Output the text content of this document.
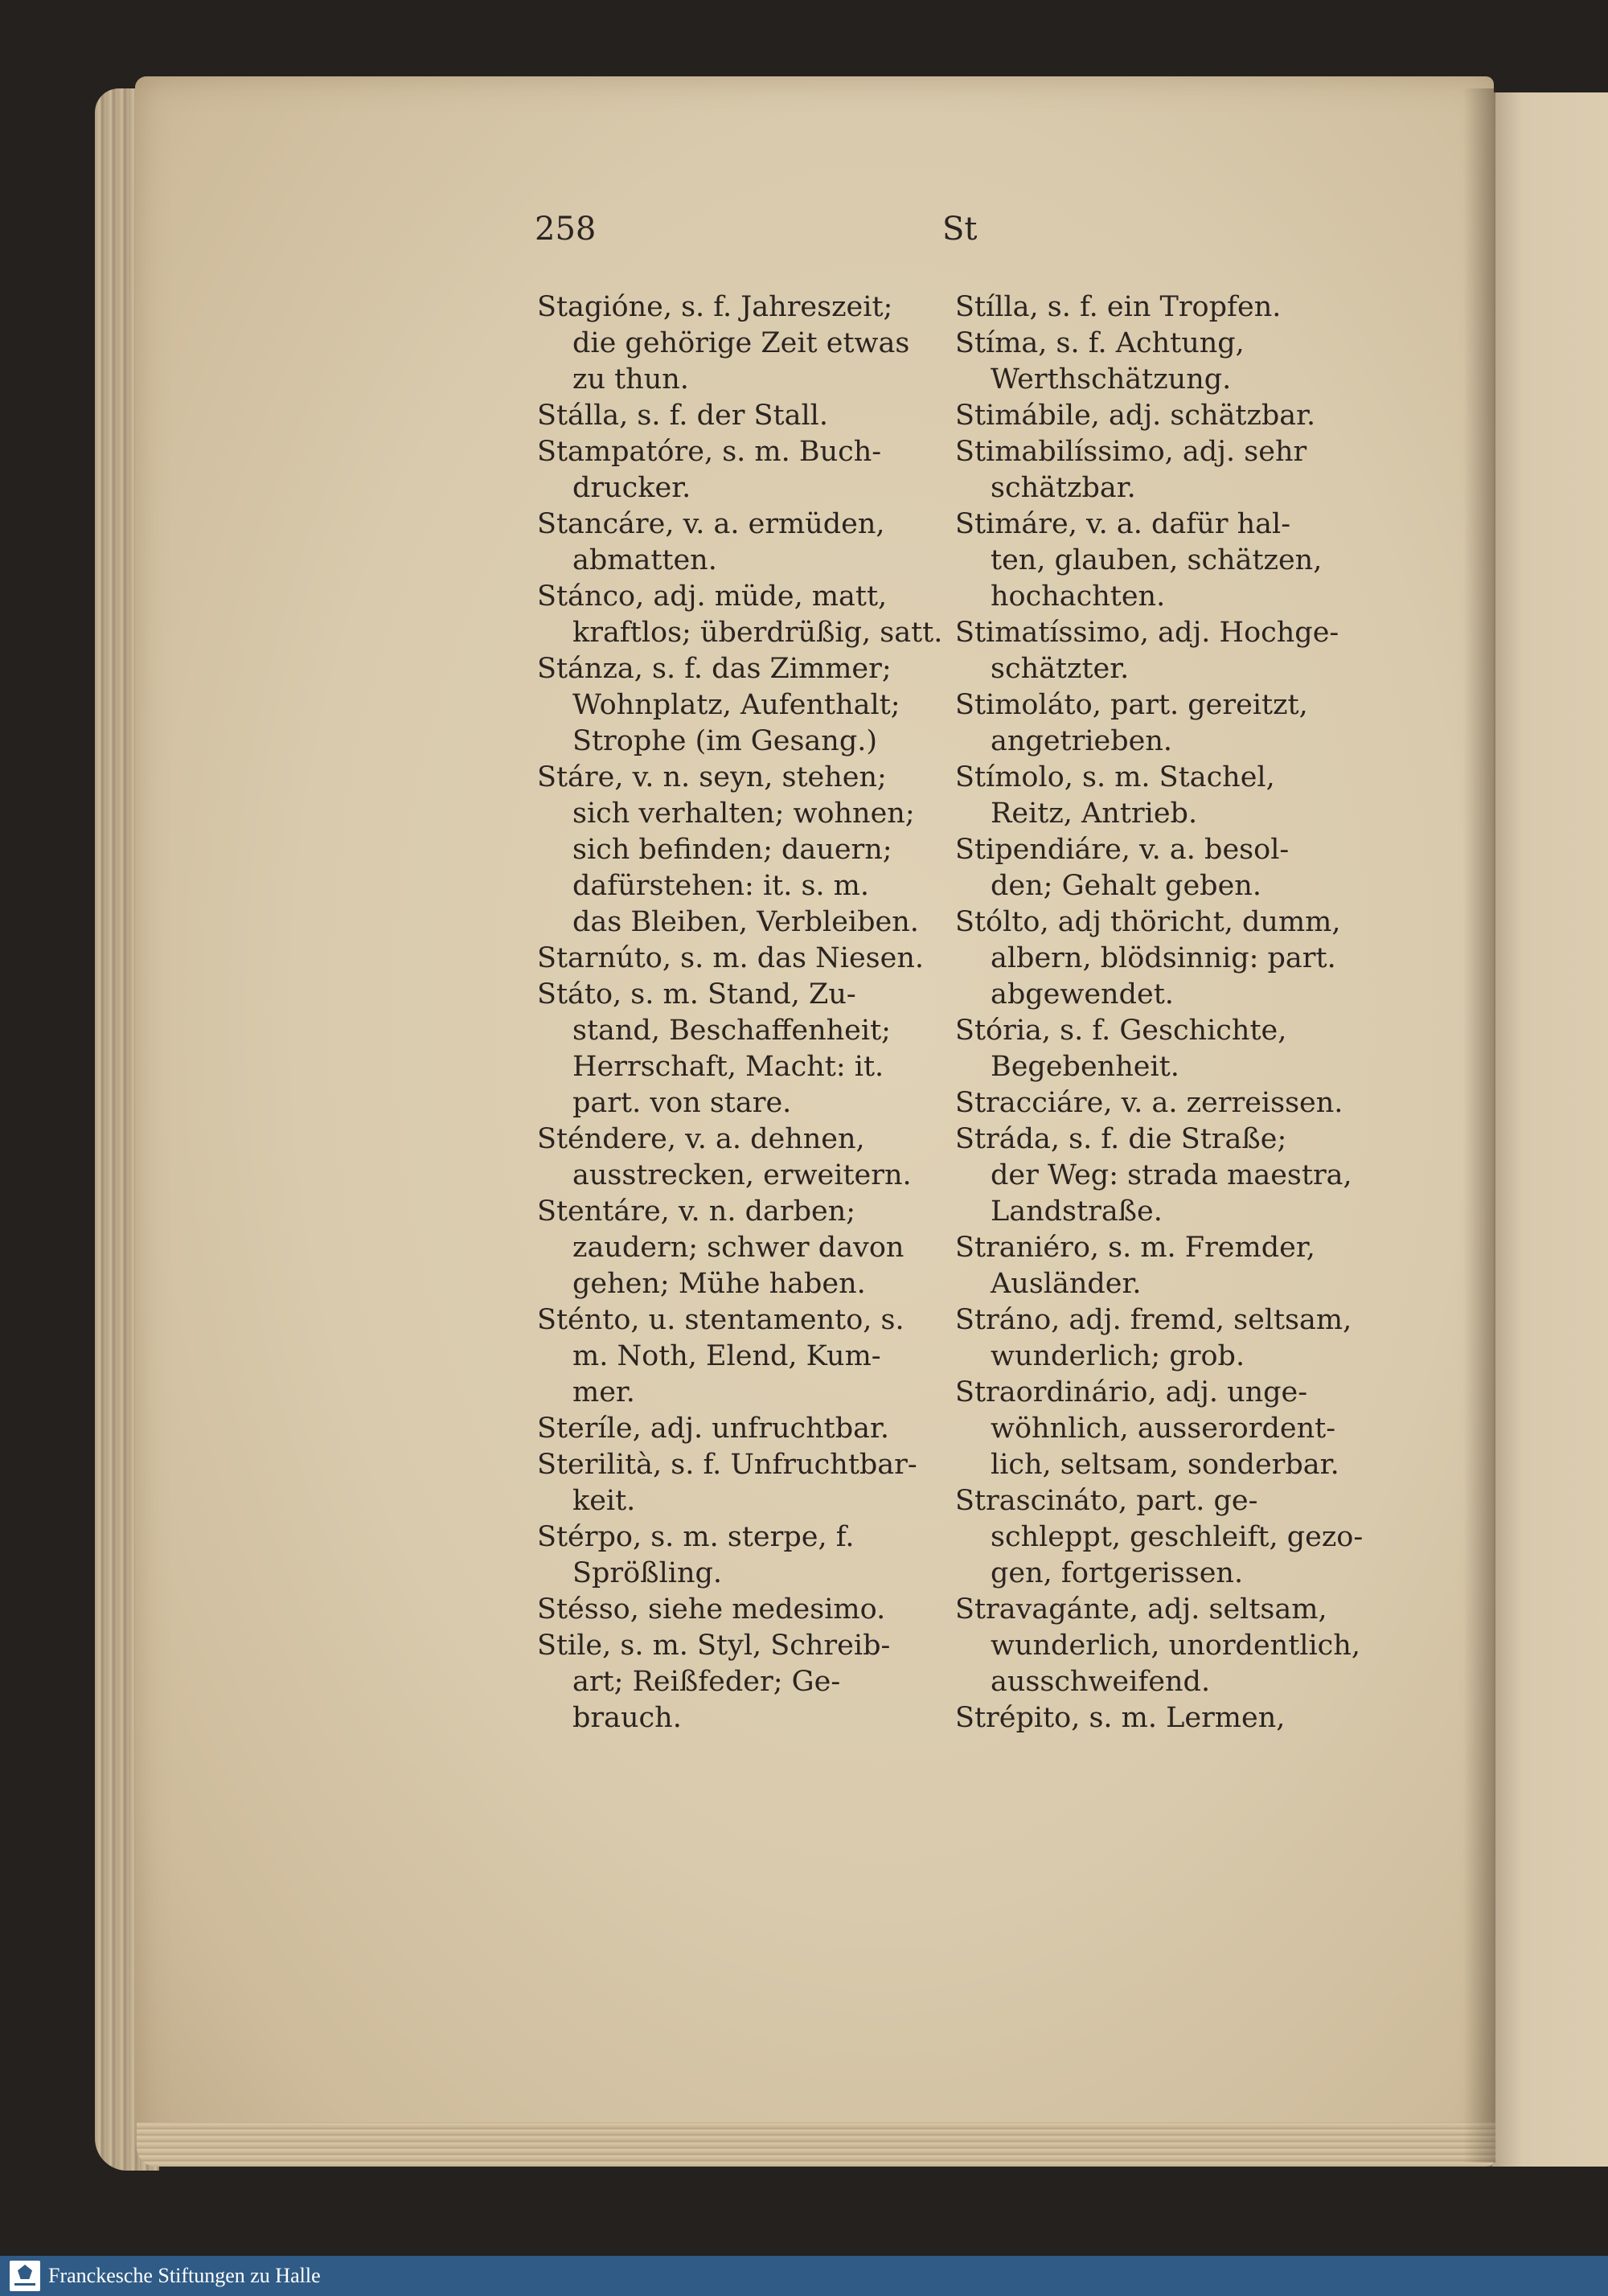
258	St
Stagióne, s. f. Jahreszeit;
die gehörige Zeit etwas
zu thun.
Stálla, s. f. der Stall.
Stampatóre, s. m. Buch-
drucker.
Stancáre, v. a. ermüden,
abmatten.
Stánco, adj. müde, matt,
kraftlos; überdrüßig, satt.
Stánza, s. f. das Zimmer;
Wohnplatz, Aufenthalt;
Strophe (im Gesang.)
Stáre, v. n. seyn, stehen;
sich verhalten; wohnen;
sich befinden; dauern;
dafürstehen: it. s. m.
das Bleiben, Verbleiben.
Starnúto, s. m. das Niesen.
Státo, s. m. Stand, Zu-
stand, Beschaffenheit;
Herrschaft, Macht: it.
part. von stare.
Sténdere, v. a. dehnen,
ausstrecken, erweitern.
Stentáre, v. n. darben;
zaudern; schwer davon
gehen; Mühe haben.
Sténto, u. stentamento, s.
m. Noth, Elend, Kum-
mer.
Steríle, adj. unfruchtbar.
Sterilità, s. f. Unfruchtbar-
keit.
Stérpo, s. m. sterpe, f.
Sprößling.
Stésso, siehe medesimo.
Stile, s. m. Styl, Schreib-
art; Reißfeder; Ge-
brauch.
Stílla, s. f. ein Tropfen.
Stíma, s. f. Achtung,
Werthschätzung.
Stimábile, adj. schätzbar.
Stimabilíssimo, adj. sehr
schätzbar.
Stimáre, v. a. dafür hal-
ten, glauben, schätzen,
hochachten.
Stimatíssimo, adj. Hochge-
schätzter.
Stimoláto, part. gereitzt,
angetrieben.
Stímolo, s. m. Stachel,
Reitz, Antrieb.
Stipendiáre, v. a. besol-
den; Gehalt geben.
Stólto, adj thöricht, dumm,
albern, blödsinnig: part.
abgewendet.
Stória, s. f. Geschichte,
Begebenheit.
Stracciáre, v. a. zerreissen.
Stráda, s. f. die Straße;
der Weg: strada maestra,
Landstraße.
Straniéro, s. m. Fremder,
Ausländer.
Stráno, adj. fremd, seltsam,
wunderlich; grob.
Straordinário, adj. unge-
wöhnlich, ausserordent-
lich, seltsam, sonderbar.
Strascináto, part. ge-
schleppt, geschleift, gezo-
gen, fortgerissen.
Stravagánte, adj. seltsam,
wunderlich, unordentlich,
ausschweifend.
Strépito, s. m. Lermen,
Franckesche Stiftungen zu Halle
